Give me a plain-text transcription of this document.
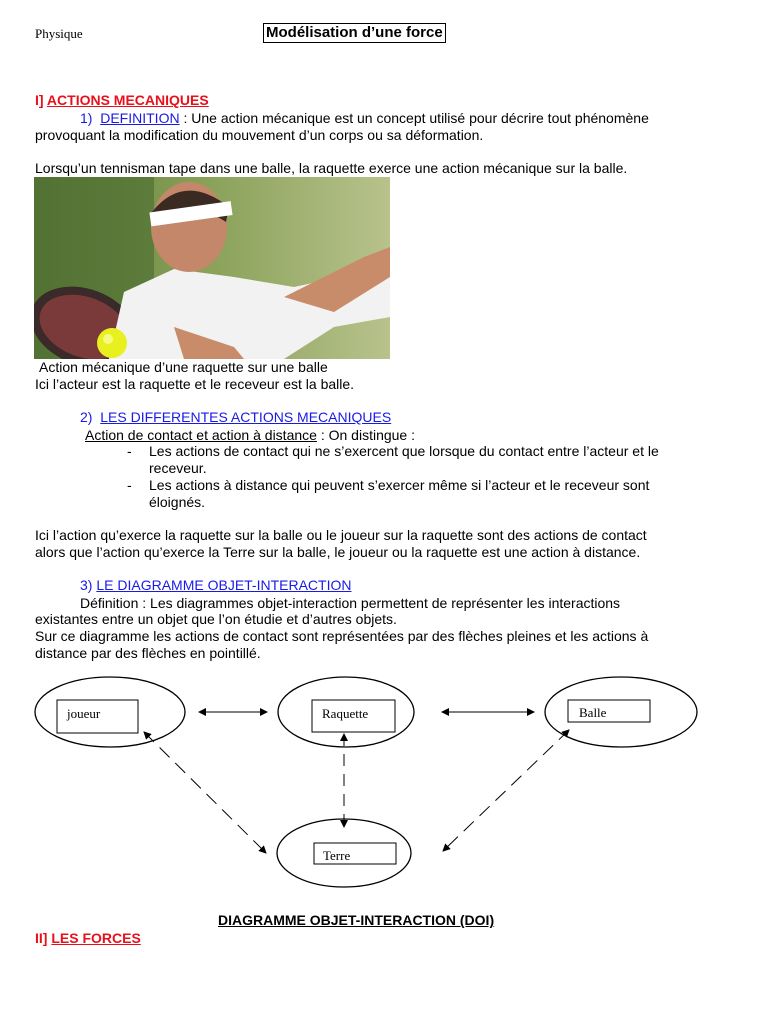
Physique	Modélisation d’une force
I] ACTIONS MECANIQUES
1) DEFINITION : Une action mécanique est un concept utilisé pour décrire tout phénomène
provoquant la modification du mouvement d’un corps ou sa déformation.
Lorsqu’un tennisman tape dans une balle, la raquette exerce une action mécanique sur la balle.
Action mécanique d’une raquette sur une balle
Ici l’acteur est la raquette et le receveur est la balle.
2) LES DIFFERENTES ACTIONS MECANIQUES
Action de contact et action à distance : On distingue :
- Les actions de contact qui ne s’exercent que lorsque du contact entre l’acteur et le
receveur.
- Les actions à distance qui peuvent s’exercer même si l’acteur et le receveur sont
éloignés.
Ici l’action qu’exerce la raquette sur la balle ou le joueur sur la raquette sont des actions de contact
alors que l’action qu’exerce la Terre sur la balle, le joueur ou la raquette est une action à distance.
3) LE DIAGRAMME OBJET-INTERACTION
Définition : Les diagrammes objet-interaction permettent de représenter les interactions
existantes entre un objet que l’on étudie et d’autres objets.
Sur ce diagramme les actions de contact sont représentées par des flèches pleines et les actions à
distance par des flèches en pointillé.
joueur	Raquette	Balle
Terre
DIAGRAMME OBJET-INTERACTION (DOI)
II] LES FORCES
